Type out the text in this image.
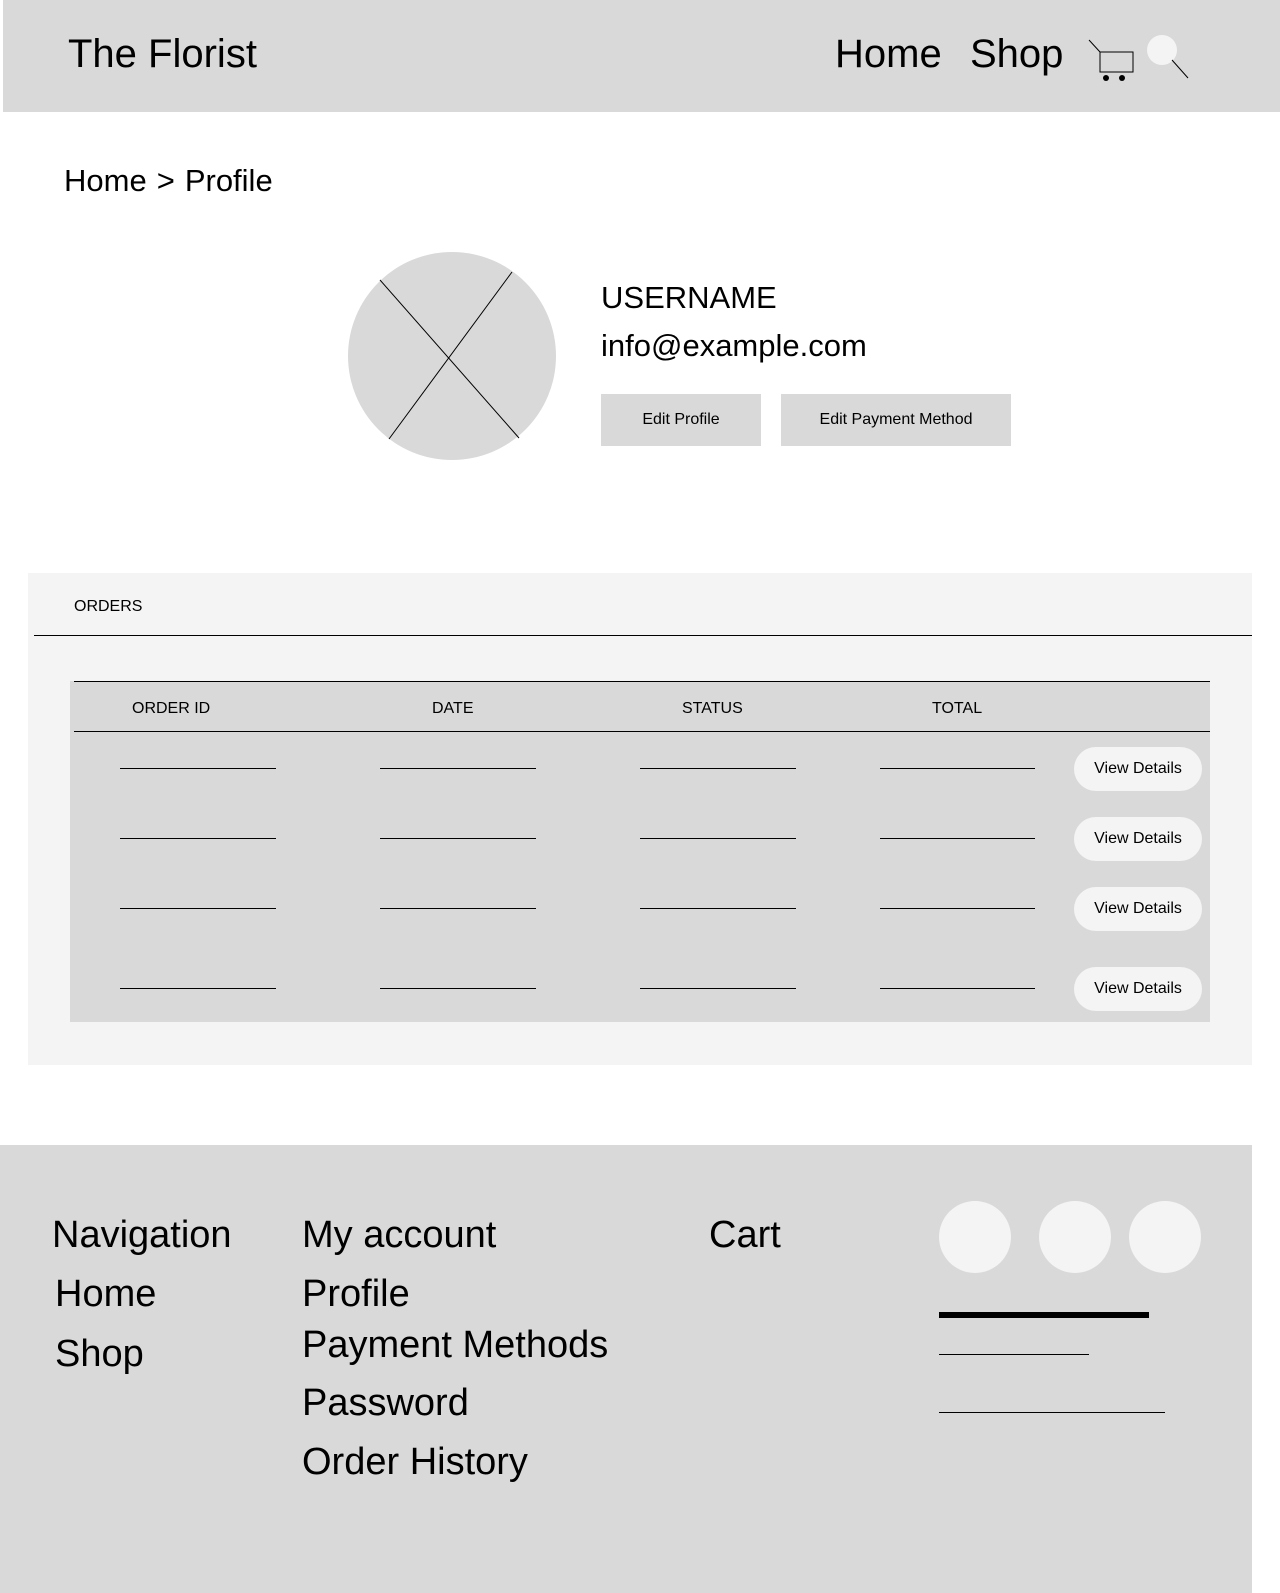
The Florist	Home Shop
Home > Profile
USERNAME
info@example.com
Edit Profile	Edit Payment Method
ORDERS
ORDER ID	DATE	STATUS	TOTAL
View Details
View Details
View Details
View Details
Navigation
Home
Shop
My account
Profile
Payment Methods
Password
Order History
Cart
